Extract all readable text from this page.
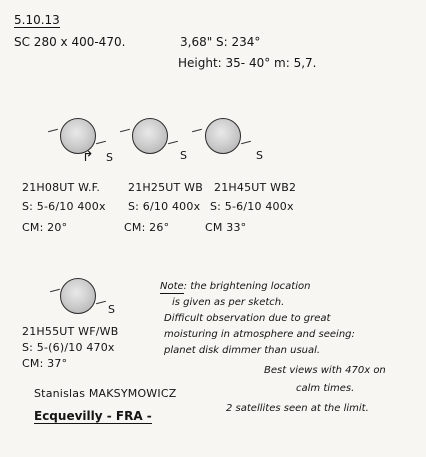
5.10.13
SC 280 x 400-470.	3,68" S: 234°
Height: 35- 40° m: 5,7.
↱ S	S	S
21H08UT W.F.
S: 5-6/10 400x
CM: 20°
21H25UT WB
S: 6/10 400x
CM: 26°
21H45UT WB2
S: 5-6/10 400x
CM 33°
S
21H55UT WF/WB
S: 5-(6)/10 470x
CM: 37°
Note: the brightening location
is given as per sketch.
Difficult observation due to great
moisturing in atmosphere and seeing:
planet disk dimmer than usual.
Best views with 470x on
calm times.
2 satellites seen at the limit.
Stanislas MAKSYMOWICZ
Ecquevilly - FRA -
